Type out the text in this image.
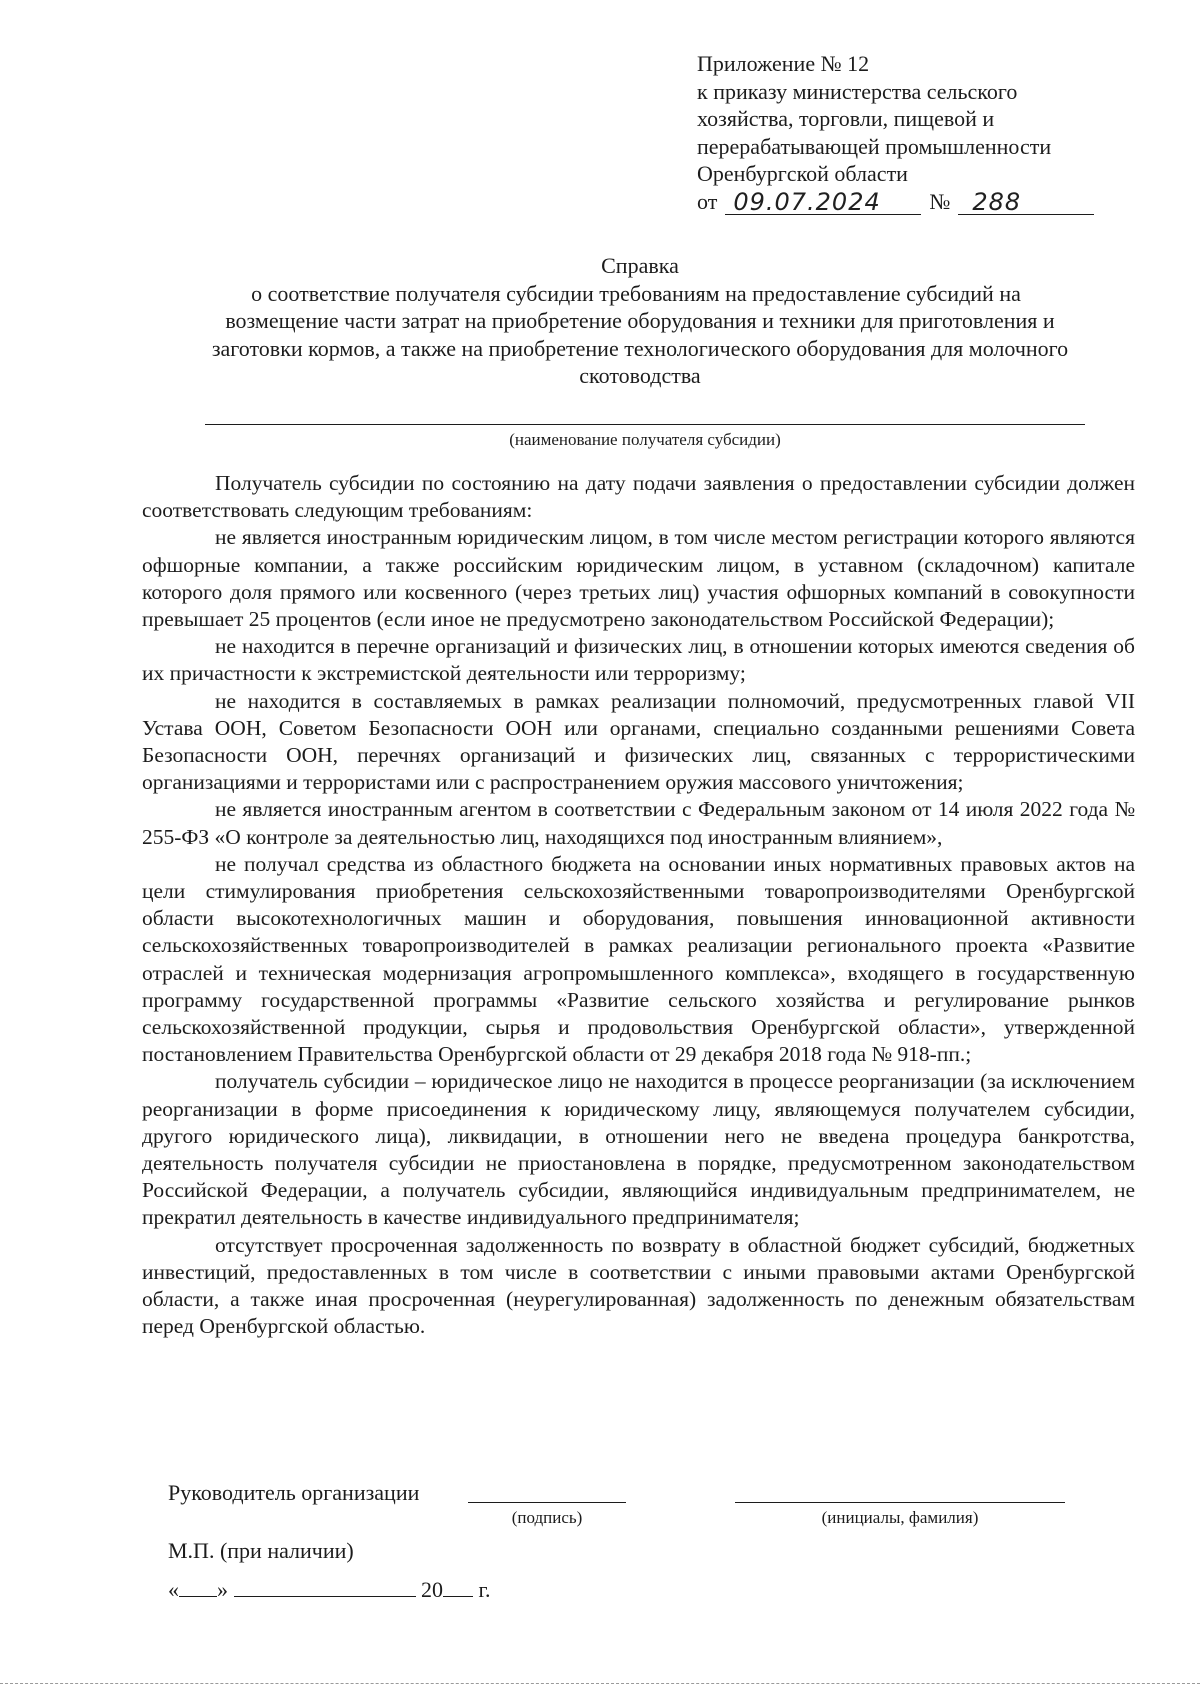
Приложение № 12
к приказу министерства сельского
хозяйства, торговли, пищевой и
перерабатывающей промышленности
Оренбургской области
от 09.07.2024	№ 288
Справка
о соответствие получателя субсидии требованиям на предоставление субсидий на
возмещение части затрат на приобретение оборудования и техники для приготовления и
заготовки кормов, а также на приобретение технологического оборудования для молочного
скотоводства
(наименование получателя субсидии)

Получатель субсидии по состоянию на дату подачи заявления о предоставлении субсидии должен соответствовать следующим требованиям:

не является иностранным юридическим лицом, в том числе местом регистрации которого являются офшорные компании, а также российским юридическим лицом, в уставном (складочном) капитале которого доля прямого или косвенного (через третьих лиц) участия офшорных компаний в совокупности превышает 25 процентов (если иное не предусмотрено законодательством Российской Федерации);

не находится в перечне организаций и физических лиц, в отношении которых имеются сведения об их причастности к экстремистской деятельности или терроризму;

не находится в составляемых в рамках реализации полномочий, предусмотренных главой VII Устава ООН, Советом Безопасности ООН или органами, специально созданными решениями Совета Безопасности ООН, перечнях организаций и физических лиц, связанных с террористическими организациями и террористами или с распространением оружия массового уничтожения;

не является иностранным агентом в соответствии с Федеральным законом от 14 июля 2022 года № 255-ФЗ «О контроле за деятельностью лиц, находящихся под иностранным влиянием»,

не получал средства из областного бюджета на основании иных нормативных правовых актов на цели стимулирования приобретения сельскохозяйственными товаропроизводителями Оренбургской области высокотехнологичных машин и оборудования, повышения инновационной активности сельскохозяйственных товаропроизводителей в рамках реализации регионального проекта «Развитие отраслей и техническая модернизация агропромышленного комплекса», входящего в государственную программу государственной программы «Развитие сельского хозяйства и регулирование рынков сельскохозяйственной продукции, сырья и продовольствия Оренбургской области», утвержденной постановлением Правительства Оренбургской области от 29 декабря 2018 года № 918-пп.;

получатель субсидии – юридическое лицо не находится в процессе реорганизации (за исключением реорганизации в форме присоединения к юридическому лицу, являющемуся получателем субсидии, другого юридического лица), ликвидации, в отношении него не введена процедура банкротства, деятельность получателя субсидии не приостановлена в порядке, предусмотренном законодательством Российской Федерации, а получатель субсидии, являющийся индивидуальным предпринимателем, не прекратил деятельность в качестве индивидуального предпринимателя;

отсутствует просроченная задолженность по возврату в областной бюджет субсидий, бюджетных инвестиций, предоставленных в том числе в соответствии с иными правовыми актами Оренбургской области, а также иная просроченная (неурегулированная) задолженность по денежным обязательствам перед Оренбургской областью.

Руководитель организации
(подпись)	(инициалы, фамилия)
М.П. (при наличии)
« »	20 г.
